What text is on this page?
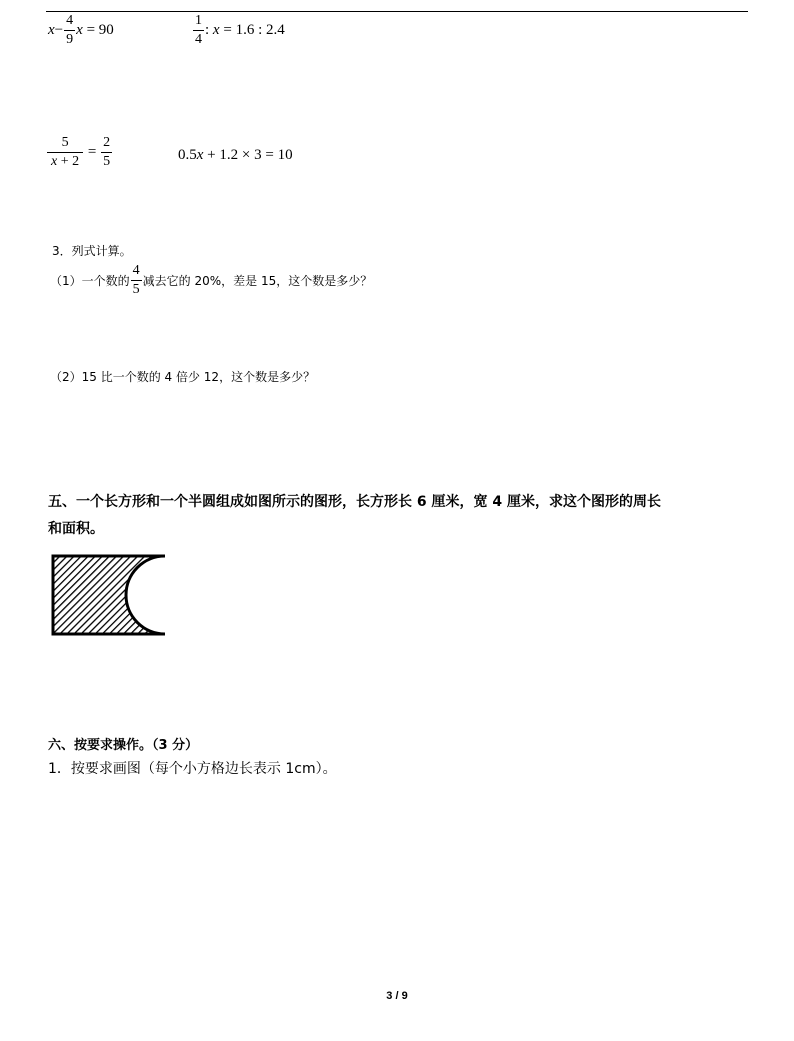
$x- \frac{4}{9}$ x = 90	$\frac{1}{4}$ : x = 1.6 : 2.4
$\frac{5}{x + 2} = \frac{2}{5}$	0.5x + 1.2 × 3 = 10
3．列式计算。
（1）一个数的 $\frac{4}{5}$ 减去它的 20%，差是 15，这个数是多少？
（2）15 比一个数的 4 倍少 12，这个数是多少？
五、一个长方形和一个半圆组成如图所示的图形，长方形长 6 厘米，宽 4 厘米，求这个图形的周长
和面积。
六、按要求操作。（3 分）
1．按要求画图（每个小方格边长表示 1cm）。
3 / 9
